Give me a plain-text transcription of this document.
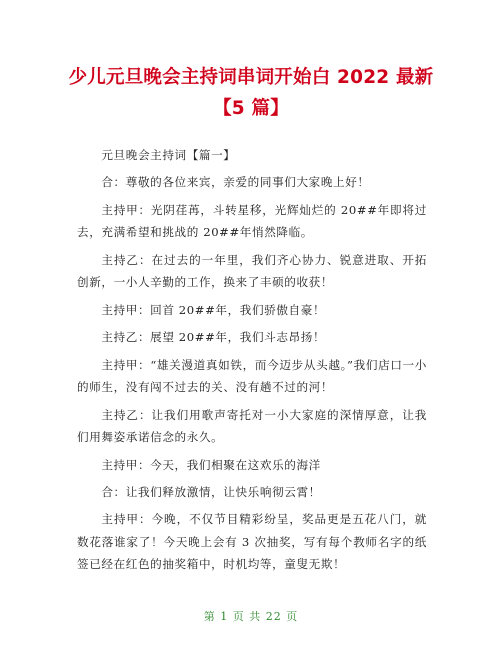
少儿元旦晚会主持词串词开始白 2022 最新
【5 篇】

元旦晚会主持词【篇一】

合：尊敬的各位来宾，亲爱的同事们大家晚上好！

主持甲：光阴荏苒，斗转星移，光辉灿烂的 20##年即将过去，充满希望和挑战的 20##年悄然降临。

主持乙：在过去的一年里，我们齐心协力、锐意进取、开拓创新，一小人辛勤的工作，换来了丰硕的收获！

主持甲：回首 20##年，我们骄傲自豪！

主持乙：展望 20##年，我们斗志昂扬！

主持甲：“雄关漫道真如铁，而今迈步从头越。”我们店口一小的师生，没有闯不过去的关、没有趟不过的河！

主持乙：让我们用歌声寄托对一小大家庭的深情厚意，让我们用舞姿承诺信念的永久。

主持甲：今天，我们相聚在这欢乐的海洋

合：让我们释放激情，让快乐响彻云霄！

主持甲：今晚，不仅节目精彩纷呈，奖品更是五花八门，就数花落谁家了！今天晚上会有 3 次抽奖，写有每个教师名字的纸签已经在红色的抽奖箱中，时机均等，童叟无欺！

第 1 页 共 22 页
